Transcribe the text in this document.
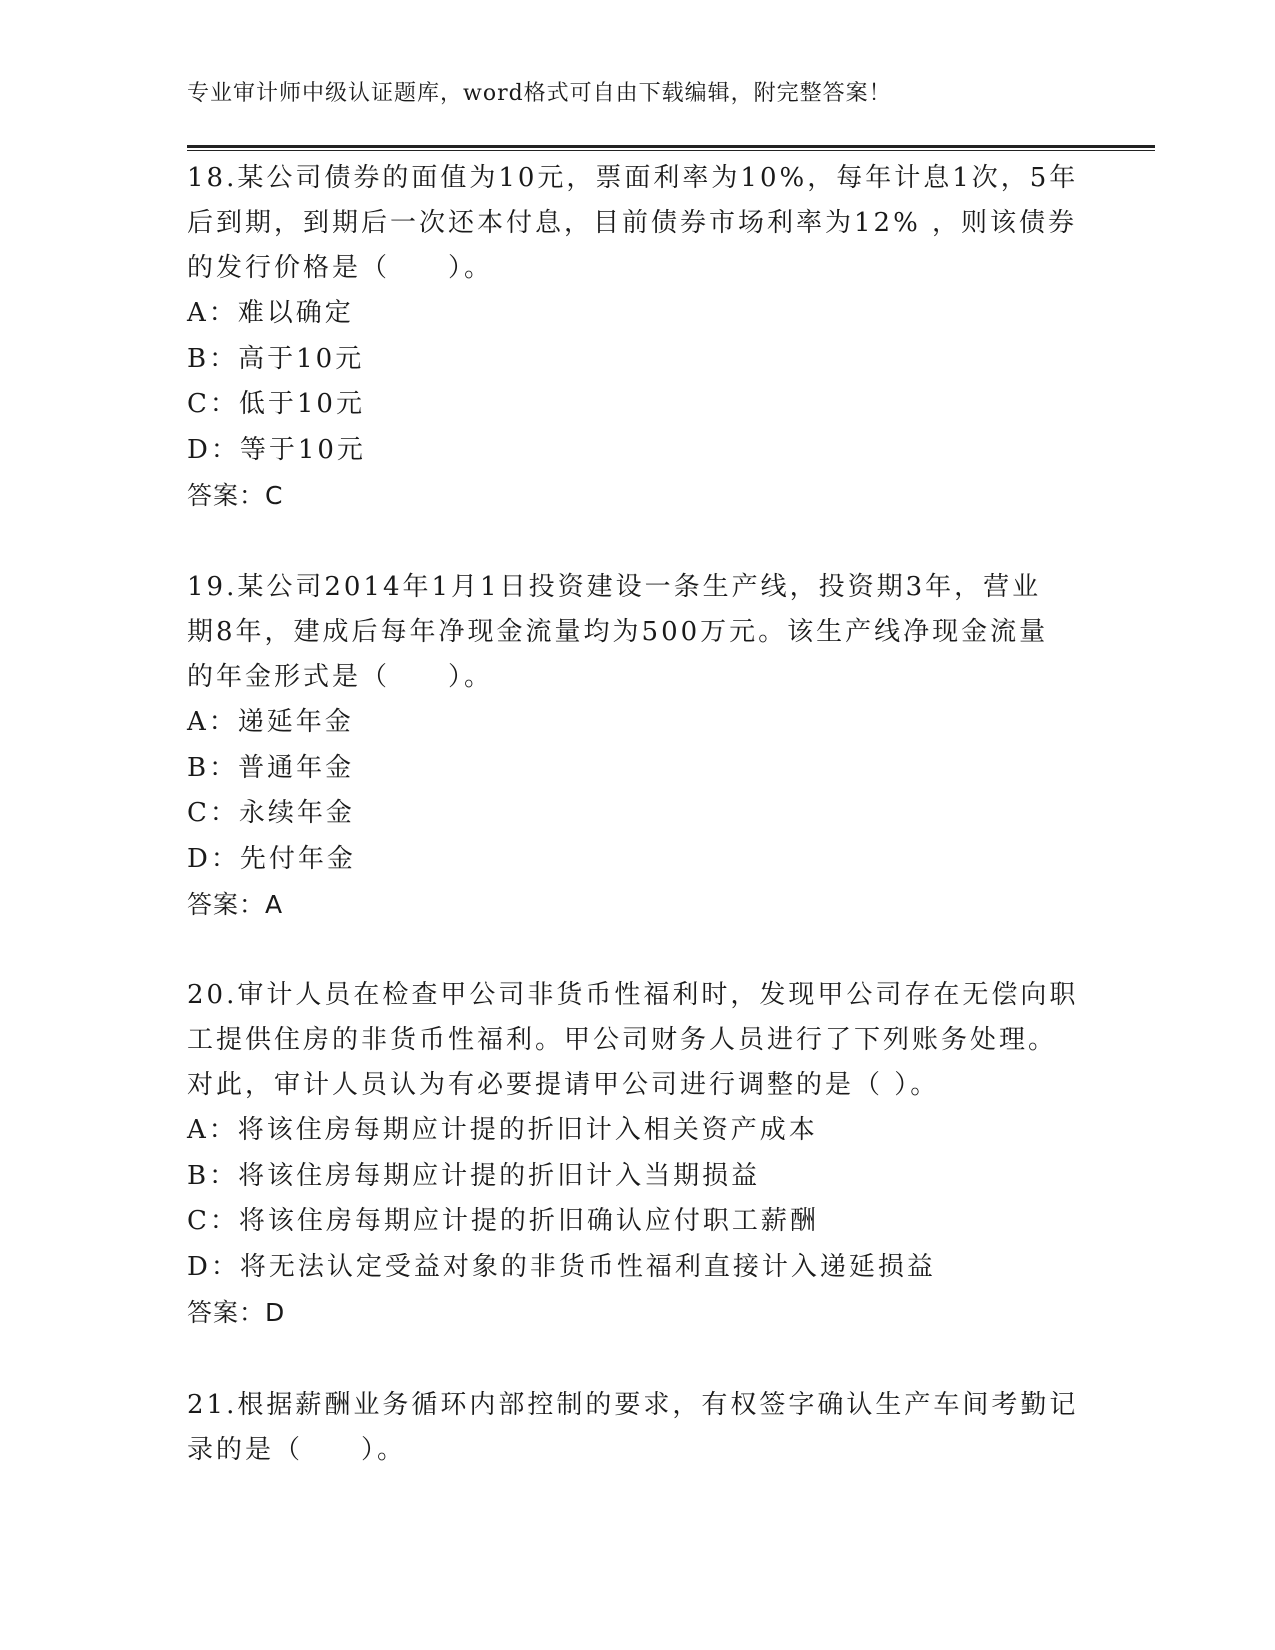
专业审计师中级认证题库，word格式可自由下载编辑，附完整答案！
18.某公司债券的面值为10元，票面利率为10%，每年计息1次，5年
后到期，到期后一次还本付息，目前债券市场利率为12% ，则该债券
的发行价格是（　　）。
A：难以确定
B：高于10元
C：低于10元
D：等于10元
答案：C
19.某公司2014年1月1日投资建设一条生产线，投资期3年，营业
期8年，建成后每年净现金流量均为500万元。该生产线净现金流量
的年金形式是（　　）。
A：递延年金
B：普通年金
C：永续年金
D：先付年金
答案：A
20.审计人员在检查甲公司非货币性福利时，发现甲公司存在无偿向职
工提供住房的非货币性福利。甲公司财务人员进行了下列账务处理。
对此，审计人员认为有必要提请甲公司进行调整的是（ ）。
A：将该住房每期应计提的折旧计入相关资产成本
B：将该住房每期应计提的折旧计入当期损益
C：将该住房每期应计提的折旧确认应付职工薪酬
D：将无法认定受益对象的非货币性福利直接计入递延损益
答案：D
21.根据薪酬业务循环内部控制的要求，有权签字确认生产车间考勤记
录的是（　　）。
